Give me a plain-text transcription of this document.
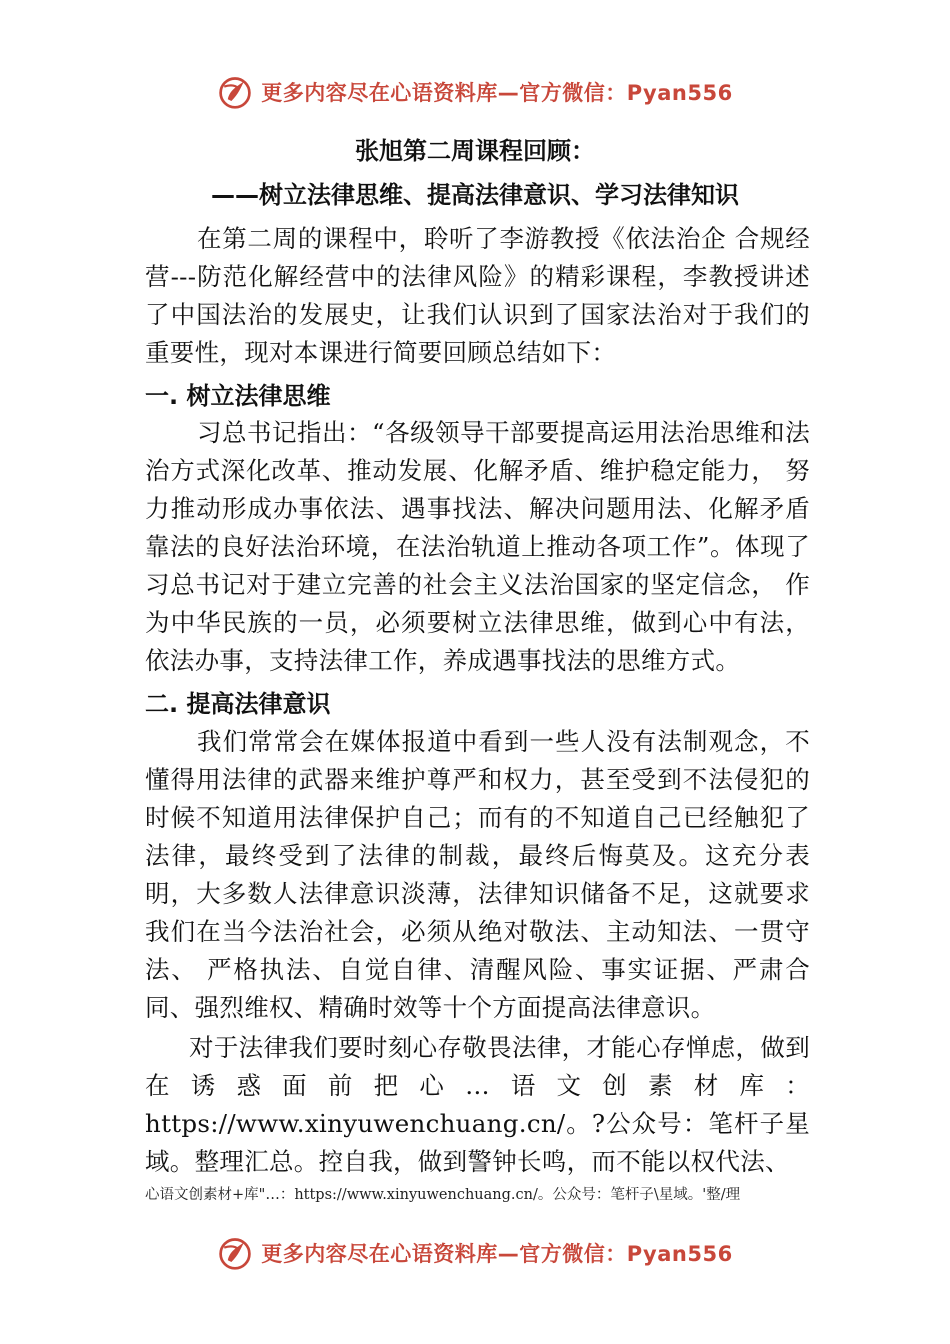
更多内容尽在心语资料库—官方微信：Pyan556
张旭第二周课程回顾：
——树立法律思维、提高法律意识、学习法律知识

在第二周的课程中，聆听了李游教授《依法治企 合规经营---防范化解经营中的法律风险》的精彩课程，李教授讲述了中国法治的发展史，让我们认识到了国家法治对于我们的重要性，现对本课进行简要回顾总结如下：

一. 树立法律思维

习总书记指出：“各级领导干部要提高运用法治思维和法治方式深化改革、推动发展、化解矛盾、维护稳定能力， 努力推动形成办事依法、遇事找法、解决问题用法、化解矛盾靠法的良好法治环境，在法治轨道上推动各项工作”。体现了习总书记对于建立完善的社会主义法治国家的坚定信念， 作为中华民族的一员，必须要树立法律思维，做到心中有法， 依法办事，支持法律工作，养成遇事找法的思维方式。

二. 提高法律意识

我们常常会在媒体报道中看到一些人没有法制观念，不懂得用法律的武器来维护尊严和权力，甚至受到不法侵犯的时候不知道用法律保护自己；而有的不知道自己已经触犯了法律，最终受到了法律的制裁，最终后悔莫及。这充分表明，大多数人法律意识淡薄，法律知识储备不足，这就要求我们在当今法治社会，必须从绝对敬法、主动知法、一贯守法、 严格执法、自觉自律、清醒风险、事实证据、严肃合同、强烈维权、精确时效等十个方面提高法律意识。

对于法律我们要时刻心存敬畏法律，才能心存惮虑，做到在诱惑面前把心…语文创素材库：https://www.xinyuwenchuang.cn/。?公众号：笔杆子星域。整理汇总。控自我，做到警钟长鸣，而不能以权代法、

心语文创素材+库"…：https://www.xinyuwenchuang.cn/。公众号：笔杆子\星域。'整/理
更多内容尽在心语资料库—官方微信：Pyan556
